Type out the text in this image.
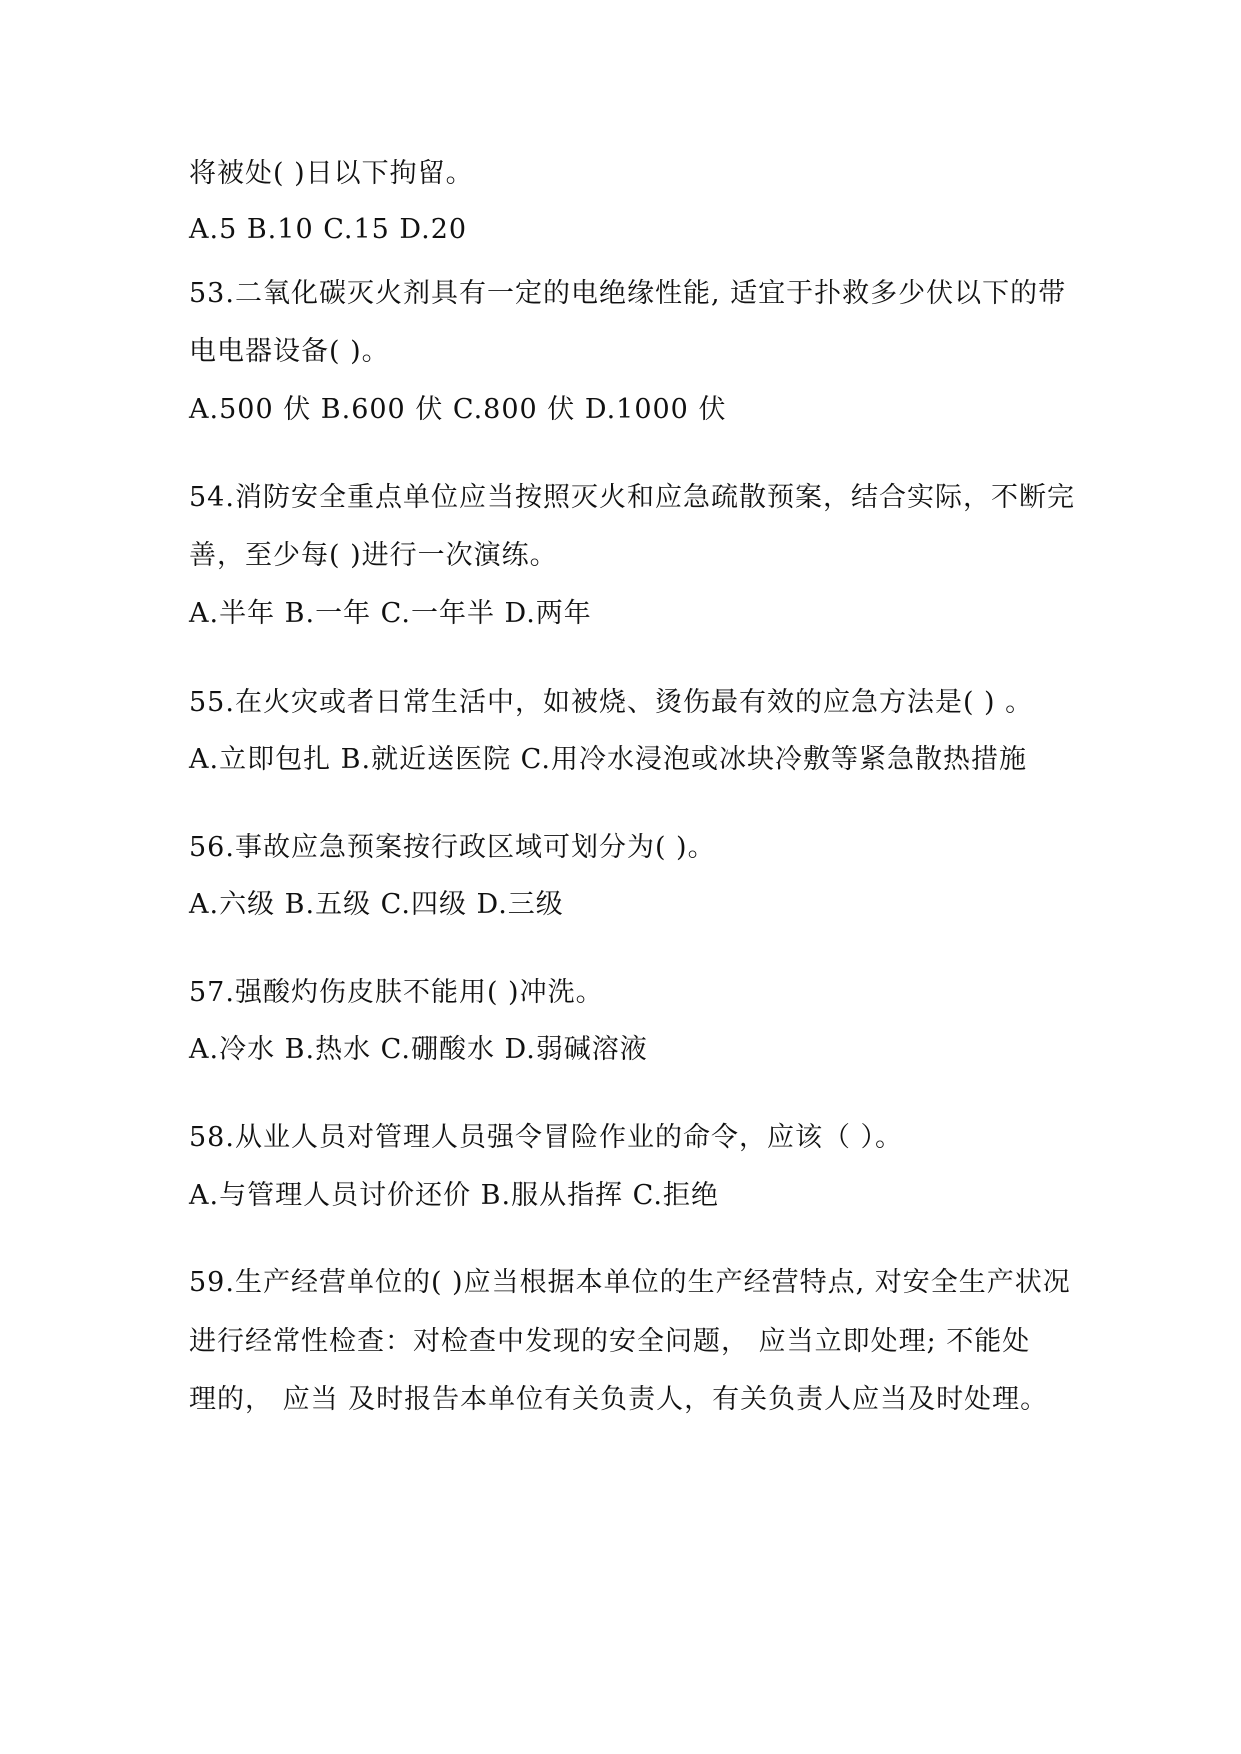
将被处( )日以下拘留。
A.5 B.10 C.15 D.20
53.二氧化碳灭火剂具有一定的电绝缘性能, 适宜于扑救多少伏以下的带
电电器设备( )。
A.500 伏 B.600 伏 C.800 伏 D.1000 伏
54.消防安全重点单位应当按照灭火和应急疏散预案，结合实际，不断完
善，至少每( )进行一次演练。
A.半年 B.一年 C.一年半 D.两年
55.在火灾或者日常生活中，如被烧、烫伤最有效的应急方法是( ) 。
A.立即包扎 B.就近送医院 C.用冷水浸泡或冰块冷敷等紧急散热措施
56.事故应急预案按行政区域可划分为( )。
A.六级 B.五级 C.四级 D.三级
57.强酸灼伤皮肤不能用( )冲洗。
A.冷水 B.热水 C.硼酸水 D.弱碱溶液
58.从业人员对管理人员强令冒险作业的命令，应该（ ）。
A.与管理人员讨价还价 B.服从指挥 C.拒绝
59.生产经营单位的( )应当根据本单位的生产经营特点, 对安全生产状况
进行经常性检查：对检查中发现的安全问题， 应当立即处理; 不能处
理的， 应当 及时报告本单位有关负责人，有关负责人应当及时处理。
